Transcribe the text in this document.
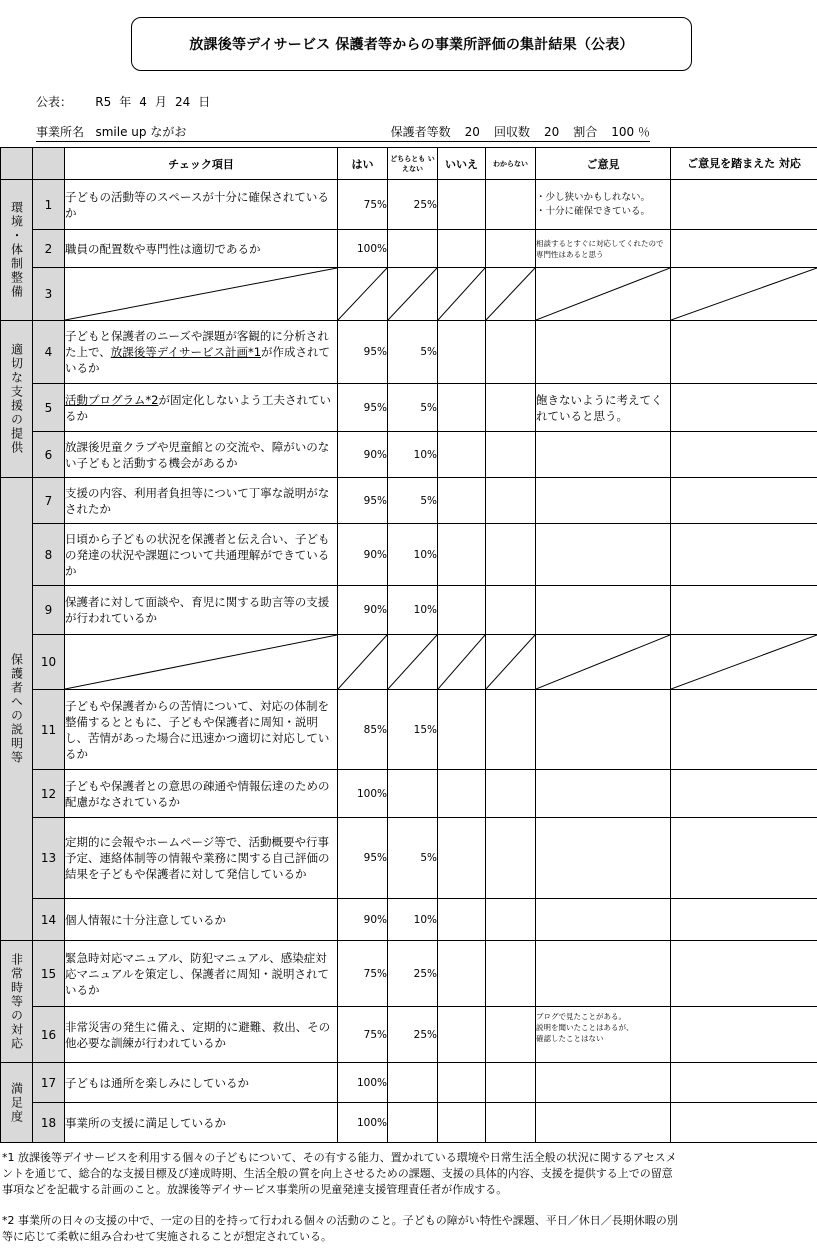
放課後等デイサービス 保護者等からの事業所評価の集計結果（公表）
公表： R5 年 4 月 24 日
事業所名 smile up ながお	保護者等数 20 回収数 20 割合 100 ％
		チェック項目	はい	どちらとも いえない	いいえ	わからない	ご意見	ご意見を踏まえた 対応
環境・体制整備	1	子どもの活動等のスペースが十分に確保されているか	75%	25%			・少し狭いかもしれない。
・十分に確保できている。	
	2	職員の配置数や専門性は適切であるか	100%				相談するとすぐに対応してくれたので専門性はあると思う	
	3	

適切な支援の提供	4	子どもと保護者のニーズや課題が客観的に分析された上で、放課後等デイサービス計画*1が作成されているか	95%	5%				
	5	活動プログラム*2が固定化しないよう工夫されているか	95%	5%			飽きないように考えてくれていると思う。	
	6	放課後児童クラブや児童館との交流や、障がいのない子どもと活動する機会があるか	90%	10%				
保護者への説明等	7	支援の内容、利用者負担等について丁寧な説明がなされたか	95%	5%				
	8	日頃から子どもの状況を保護者と伝え合い、子どもの発達の状況や課題について共通理解ができているか	90%	10%				
	9	保護者に対して面談や、育児に関する助言等の支援が行われているか	90%	10%				
	10	

	11	子どもや保護者からの苦情について、対応の体制を整備するとともに、子どもや保護者に周知・説明し、苦情があった場合に迅速かつ適切に対応しているか	85%	15%				
	12	子どもや保護者との意思の疎通や情報伝達のための配慮がなされているか	100%					
	13	定期的に会報やホームページ等で、活動概要や行事予定、連絡体制等の情報や業務に関する自己評価の結果を子どもや保護者に対して発信しているか	95%	5%				
	14	個人情報に十分注意しているか	90%	10%				
非常時等の対応	15	緊急時対応マニュアル、防犯マニュアル、感染症対応マニュアルを策定し、保護者に周知・説明されているか	75%	25%				
	16	非常災害の発生に備え、定期的に避難、救出、その他必要な訓練が行われているか	75%	25%			ブログで見たことがある。
説明を聞いたことはあるが、
確認したことはない	
満足度	17	子どもは通所を楽しみにしているか	100%					
	18	事業所の支援に満足しているか	100%					
*1 放課後等デイサービスを利用する個々の子どもについて、その有する能力、置かれている環境や日常生活全般の状況に関するアセスメントを通じて、総合的な支援目標及び達成時期、生活全般の質を向上させるための課題、支援の具体的内容、支援を提供する上での留意事項などを記載する計画のこと。放課後等デイサービス事業所の児童発達支援管理責任者が作成する。
*2 事業所の日々の支援の中で、一定の目的を持って行われる個々の活動のこと。子どもの障がい特性や課題、平日／休日／長期休暇の別等に応じて柔軟に組み合わせて実施されることが想定されている。
